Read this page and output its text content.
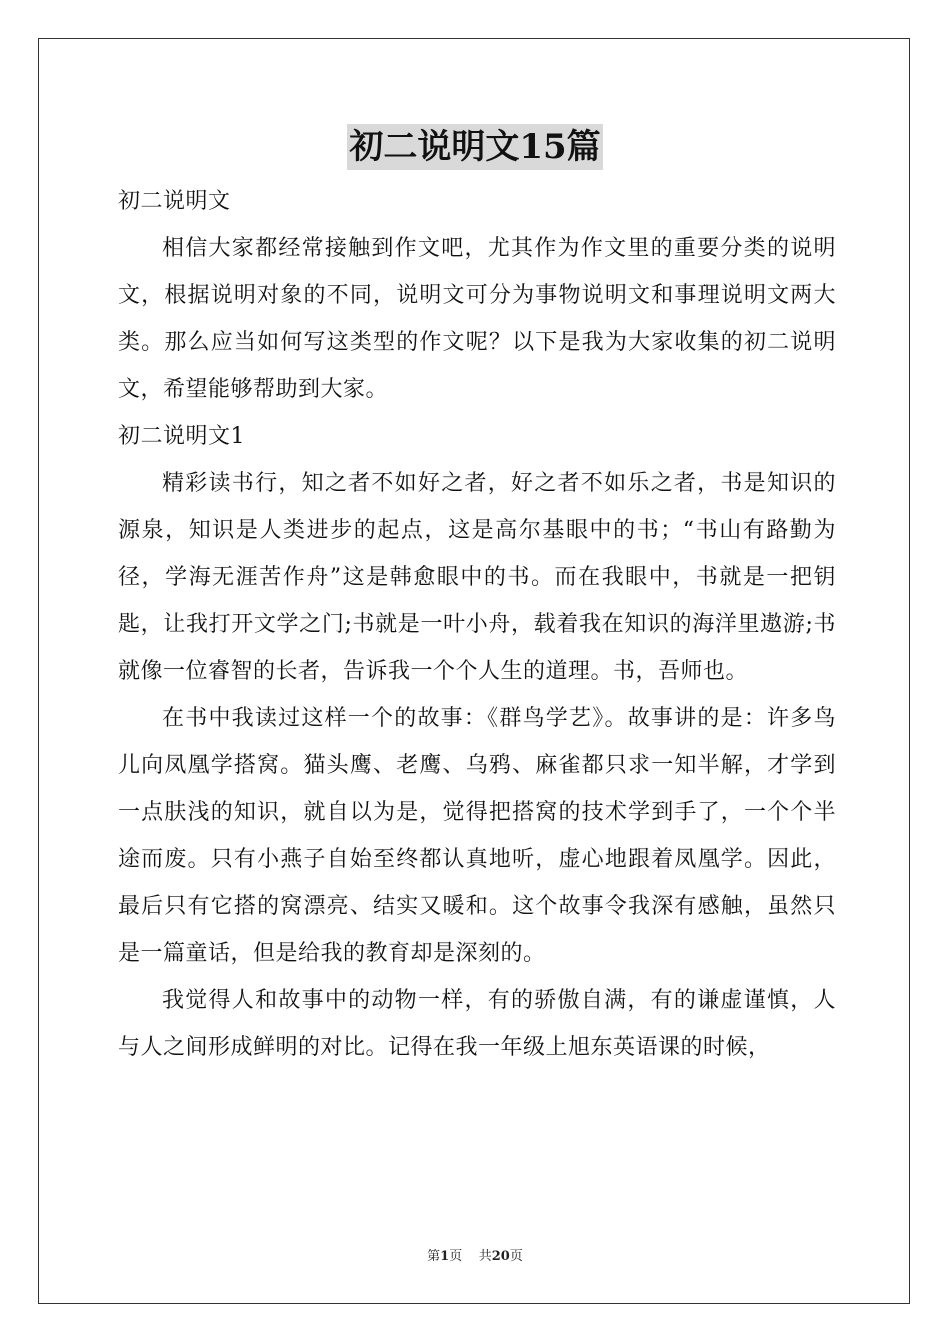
初二说明文15篇

初二说明文

相信大家都经常接触到作文吧，尤其作为作文里的重要分类的说明文，根据说明对象的不同，说明文可分为事物说明文和事理说明文两大类。那么应当如何写这类型的作文呢？以下是我为大家收集的初二说明文，希望能够帮助到大家。

初二说明文1

精彩读书行，知之者不如好之者，好之者不如乐之者，书是知识的源泉，知识是人类进步的起点，这是高尔基眼中的书；“书山有路勤为径，学海无涯苦作舟”这是韩愈眼中的书。而在我眼中，书就是一把钥匙，让我打开文学之门;书就是一叶小舟，载着我在知识的海洋里遨游;书就像一位睿智的长者，告诉我一个个人生的道理。书，吾师也。

在书中我读过这样一个的故事：《群鸟学艺》。故事讲的是：许多鸟儿向凤凰学搭窝。猫头鹰、老鹰、乌鸦、麻雀都只求一知半解，才学到一点肤浅的知识，就自以为是，觉得把搭窝的技术学到手了，一个个半途而废。只有小燕子自始至终都认真地听，虚心地跟着凤凰学。因此，最后只有它搭的窝漂亮、结实又暖和。这个故事令我深有感触，虽然只是一篇童话，但是给我的教育却是深刻的。

我觉得人和故事中的动物一样，有的骄傲自满，有的谦虚谨慎，人与人之间形成鲜明的对比。记得在我一年级上旭东英语课的时候，

第1页 共20页
